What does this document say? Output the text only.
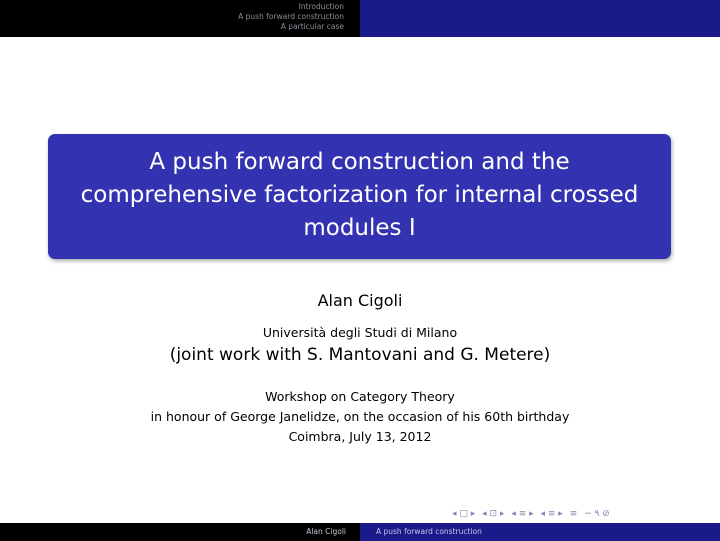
Introduction
A push forward construction
A particular case
A push forward construction and the
comprehensive factorization for internal crossed
modules I
Alan Cigoli
Università degli Studi di Milano
(joint work with S. Mantovani and G. Metere)
Workshop on Category Theory
in honour of George Janelidze, on the occasion of his 60th birthday
Coimbra, July 13, 2012
◂ □ ▸ ◂ ⊡ ▸ ◂ ≡ ▸ ◂ ≡ ▸ ≡ ∽ ۹ ⊘
Alan Cigoli	A push forward construction
